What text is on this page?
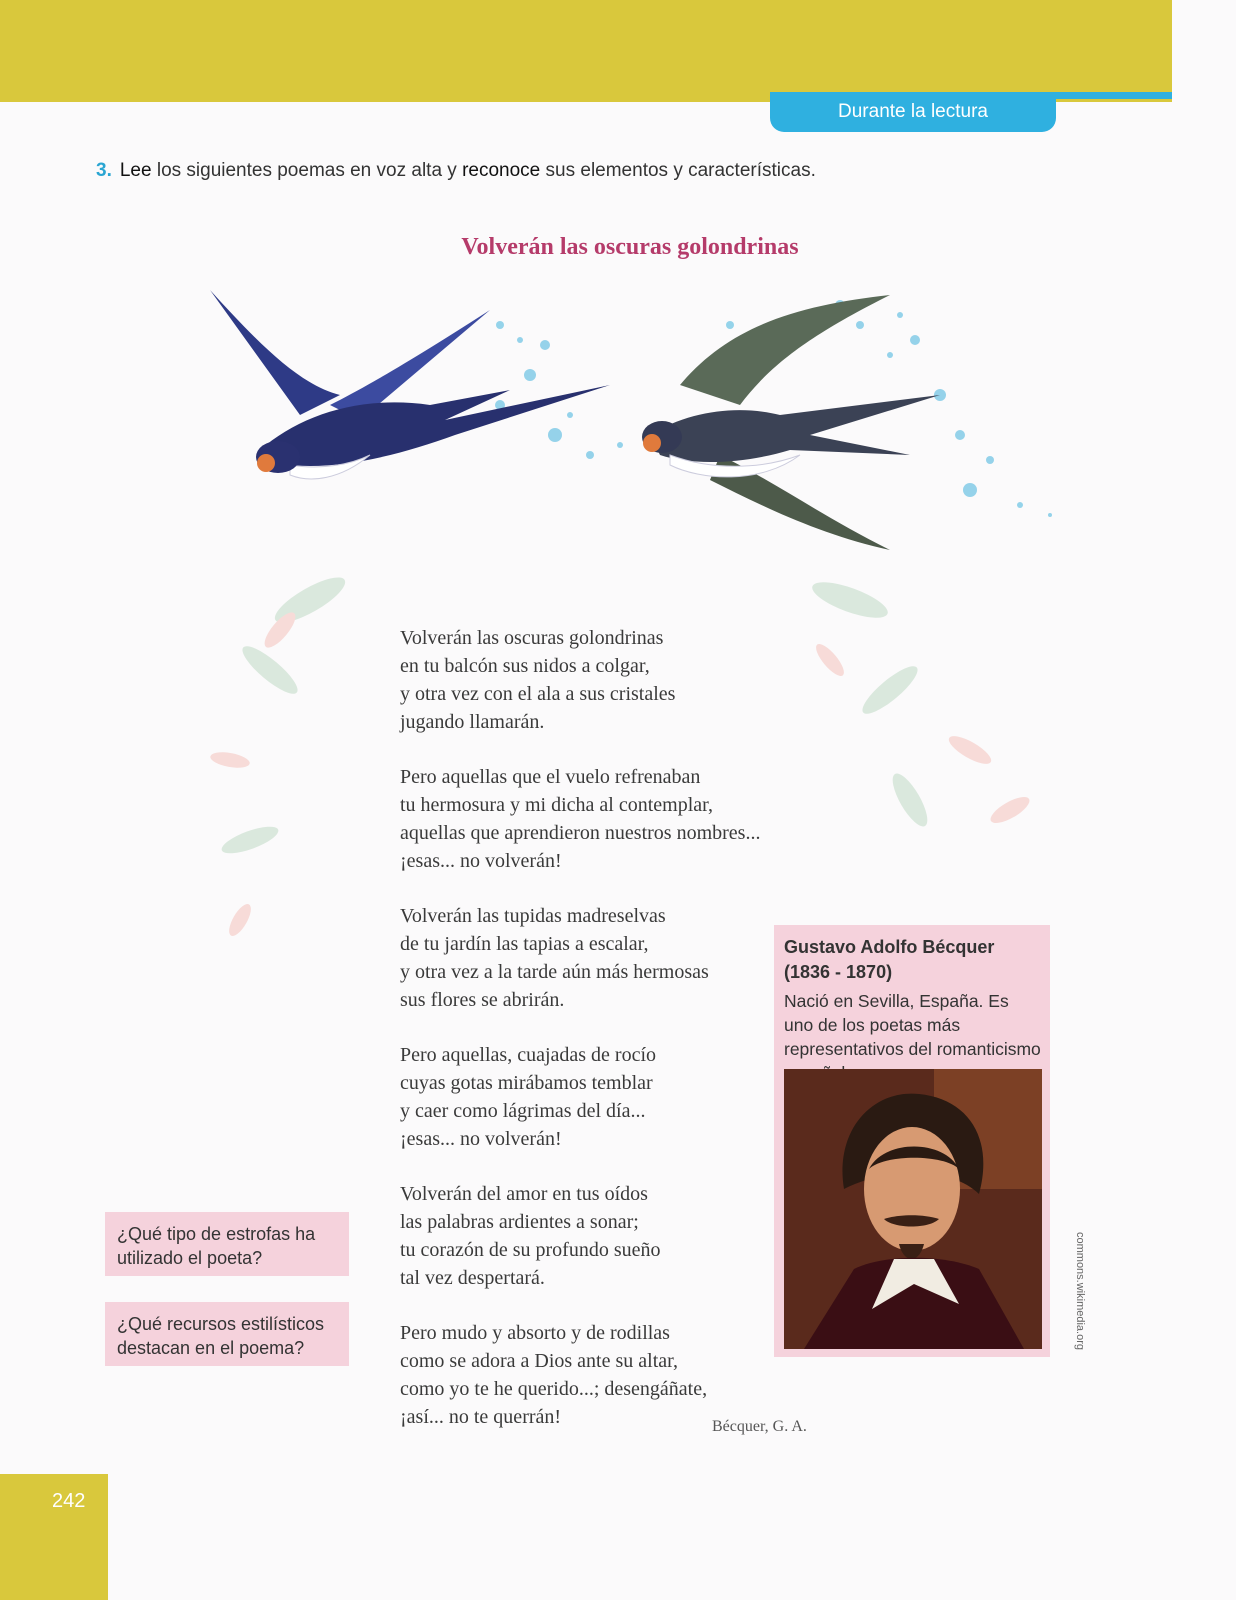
Durante la lectura
3. Lee los siguientes poemas en voz alta y reconoce sus elementos y características.
Volverán las oscuras golondrinas
Volverán las oscuras golondrinas
en tu balcón sus nidos a colgar,
y otra vez con el ala a sus cristales
jugando llamarán.
Pero aquellas que el vuelo refrenaban
tu hermosura y mi dicha al contemplar,
aquellas que aprendieron nuestros nombres...
¡esas... no volverán!
Volverán las tupidas madreselvas
de tu jardín las tapias a escalar,
y otra vez a la tarde aún más hermosas
sus flores se abrirán.
Pero aquellas, cuajadas de rocío
cuyas gotas mirábamos temblar
y caer como lágrimas del día...
¡esas... no volverán!
Volverán del amor en tus oídos
las palabras ardientes a sonar;
tu corazón de su profundo sueño
tal vez despertará.
Pero mudo y absorto y de rodillas
como se adora a Dios ante su altar,
como yo te he querido...; desengáñate,
¡así... no te querrán!	Bécquer, G. A.
Gustavo Adolfo Bécquer
(1836 - 1870)
Nació en Sevilla, España. Es uno de los poetas más representativos del romanticismo
commons.wikimedia.org
¿Qué tipo de estrofas ha utilizado el poeta?
¿Qué recursos estilísticos destacan en el poema?
242
